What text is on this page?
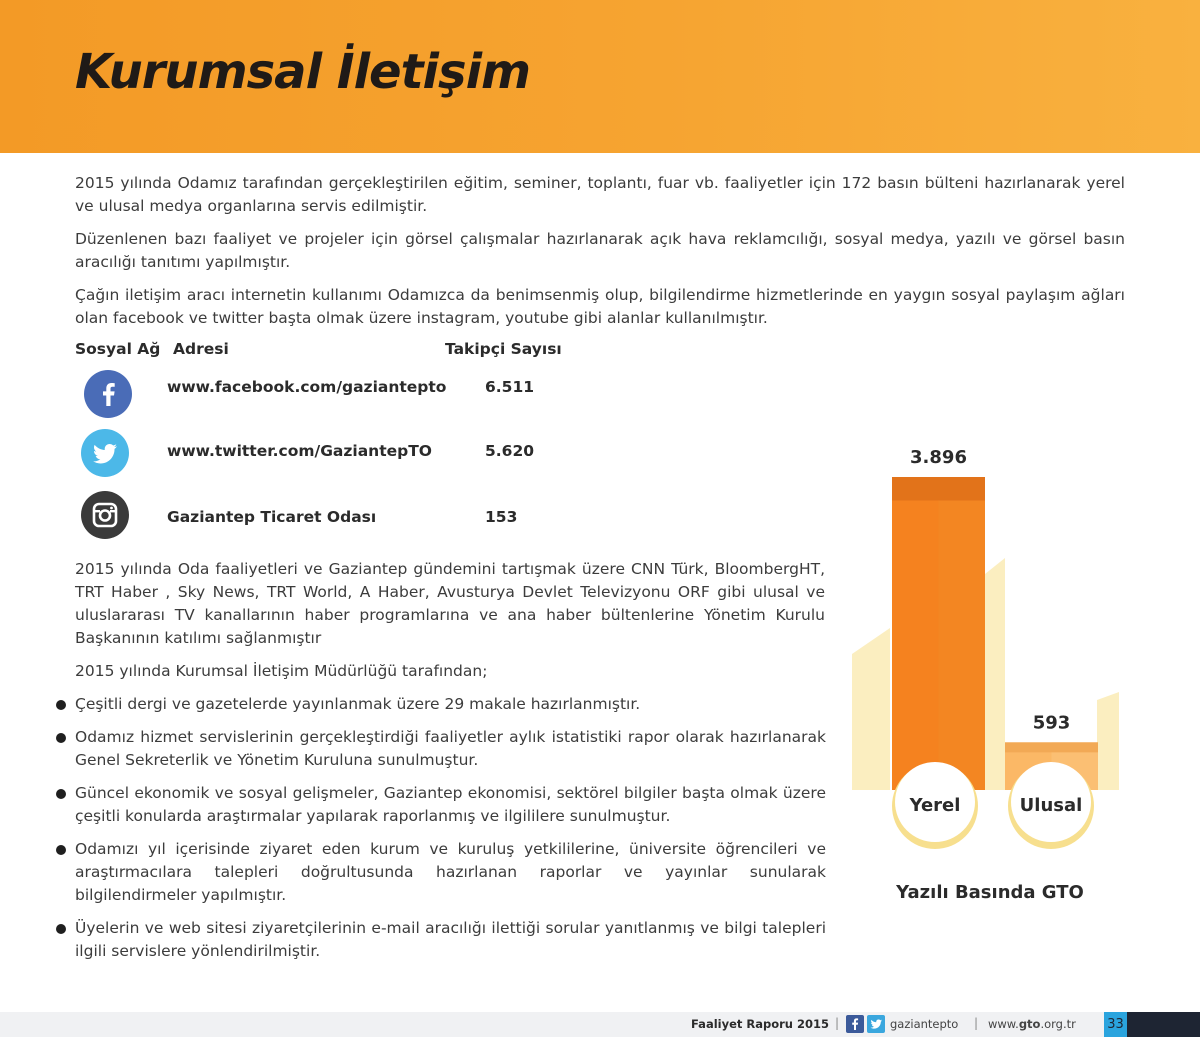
Kurumsal İletişim

2015 yılında Odamız tarafından gerçekleştirilen eğitim, seminer, toplantı, fuar vb. faaliyetler için 172 basın bülteni hazırlanarak yerel ve ulusal medya organlarına servis edilmiştir.

Düzenlenen bazı faaliyet ve projeler için görsel çalışmalar hazırlanarak açık hava reklamcılığı, sosyal medya, yazılı ve görsel basın aracılığı tanıtımı yapılmıştır.

Çağın iletişim aracı internetin kullanımı Odamızca da benimsenmiş olup, bilgilendirme hizmetlerinde en yaygın sosyal paylaşım ağları olan facebook ve twitter başta olmak üzere instagram, youtube gibi alanlar kullanılmıştır.

Sosyal Ağ Adresi	Takipçi Sayısı
www.facebook.com/gaziantepto 6.511
www.twitter.com/GaziantepTO	5.620
Gaziantep Ticaret Odası	153

2015 yılında Oda faaliyetleri ve Gaziantep gündemini tartışmak üzere CNN Türk, BloombergHT, TRT Haber , Sky News, TRT World, A Haber, Avusturya Devlet Televizyonu ORF gibi ulusal ve uluslararası TV kanallarının haber programlarına ve ana haber bültenlerine Yönetim Kurulu Başkanının katılımı sağlanmıştır

2015 yılında Kurumsal İletişim Müdürlüğü tarafından;

Çeşitli dergi ve gazetelerde yayınlanmak üzere 29 makale hazırlanmıştır.
Odamız hizmet servislerinin gerçekleştirdiği faaliyetler aylık istatistiki rapor olarak hazırlanarak Genel Sekreterlik ve Yönetim Kuruluna sunulmuştur.
Güncel ekonomik ve sosyal gelişmeler, Gaziantep ekonomisi, sektörel bilgiler başta olmak üzere çeşitli konularda araştırmalar yapılarak raporlanmış ve ilgililere sunulmuştur.
Odamızı yıl içerisinde ziyaret eden kurum ve kuruluş yetkililerine, üniversite öğrencileri ve araştırmacılara talepleri doğrultusunda hazırlanan raporlar ve yayınlar sunularak bilgilendirmeler yapılmıştır.
Üyelerin ve web sitesi ziyaretçilerinin e-mail aracılığı ilettiği sorular yanıtlanmış ve bilgi talepleri ilgili servislere yönlendirilmiştir.
3.896
593
Yerel	Ulusal
Yazılı Basında GTO
Faaliyet Raporu 2015 |	gaziantepto | www.gto.org.tr 33
